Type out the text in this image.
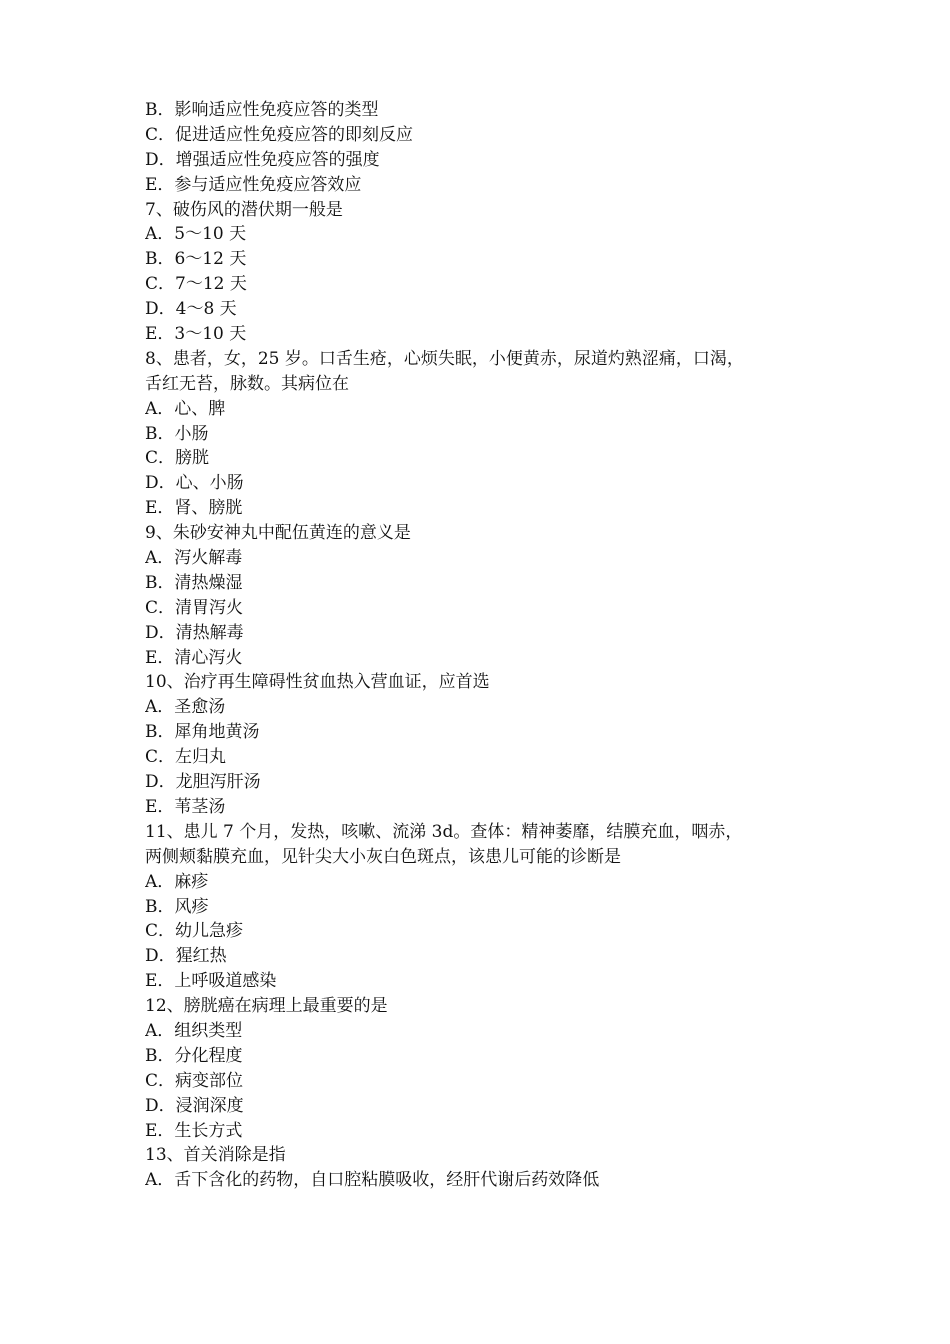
B．影响适应性免疫应答的类型
C．促进适应性免疫应答的即刻反应
D．增强适应性免疫应答的强度
E．参与适应性免疫应答效应
7、破伤风的潜伏期一般是
A．5～10 天
B．6～12 天
C．7～12 天
D．4～8 天
E．3～10 天
8、患者，女，25 岁。口舌生疮，心烦失眠，小便黄赤，尿道灼熟涩痛，口渴，
舌红无苔，脉数。其病位在
A．心、脾
B．小肠
C．膀胱
D．心、小肠
E．肾、膀胱
9、朱砂安神丸中配伍黄连的意义是
A．泻火解毒
B．清热燥湿
C．清胃泻火
D．清热解毒
E．清心泻火
10、治疗再生障碍性贫血热入营血证，应首选
A．圣愈汤
B．犀角地黄汤
C．左归丸
D．龙胆泻肝汤
E．苇茎汤
11、患儿 7 个月，发热，咳嗽、流涕 3d。查体：精神萎靡，结膜充血，咽赤，
两侧颊黏膜充血，见针尖大小灰白色斑点，该患儿可能的诊断是
A．麻疹
B．风疹
C．幼儿急疹
D．猩红热
E．上呼吸道感染
12、膀胱癌在病理上最重要的是
A．组织类型
B．分化程度
C．病变部位
D．浸润深度
E．生长方式
13、首关消除是指
A．舌下含化的药物，自口腔粘膜吸收，经肝代谢后药效降低
